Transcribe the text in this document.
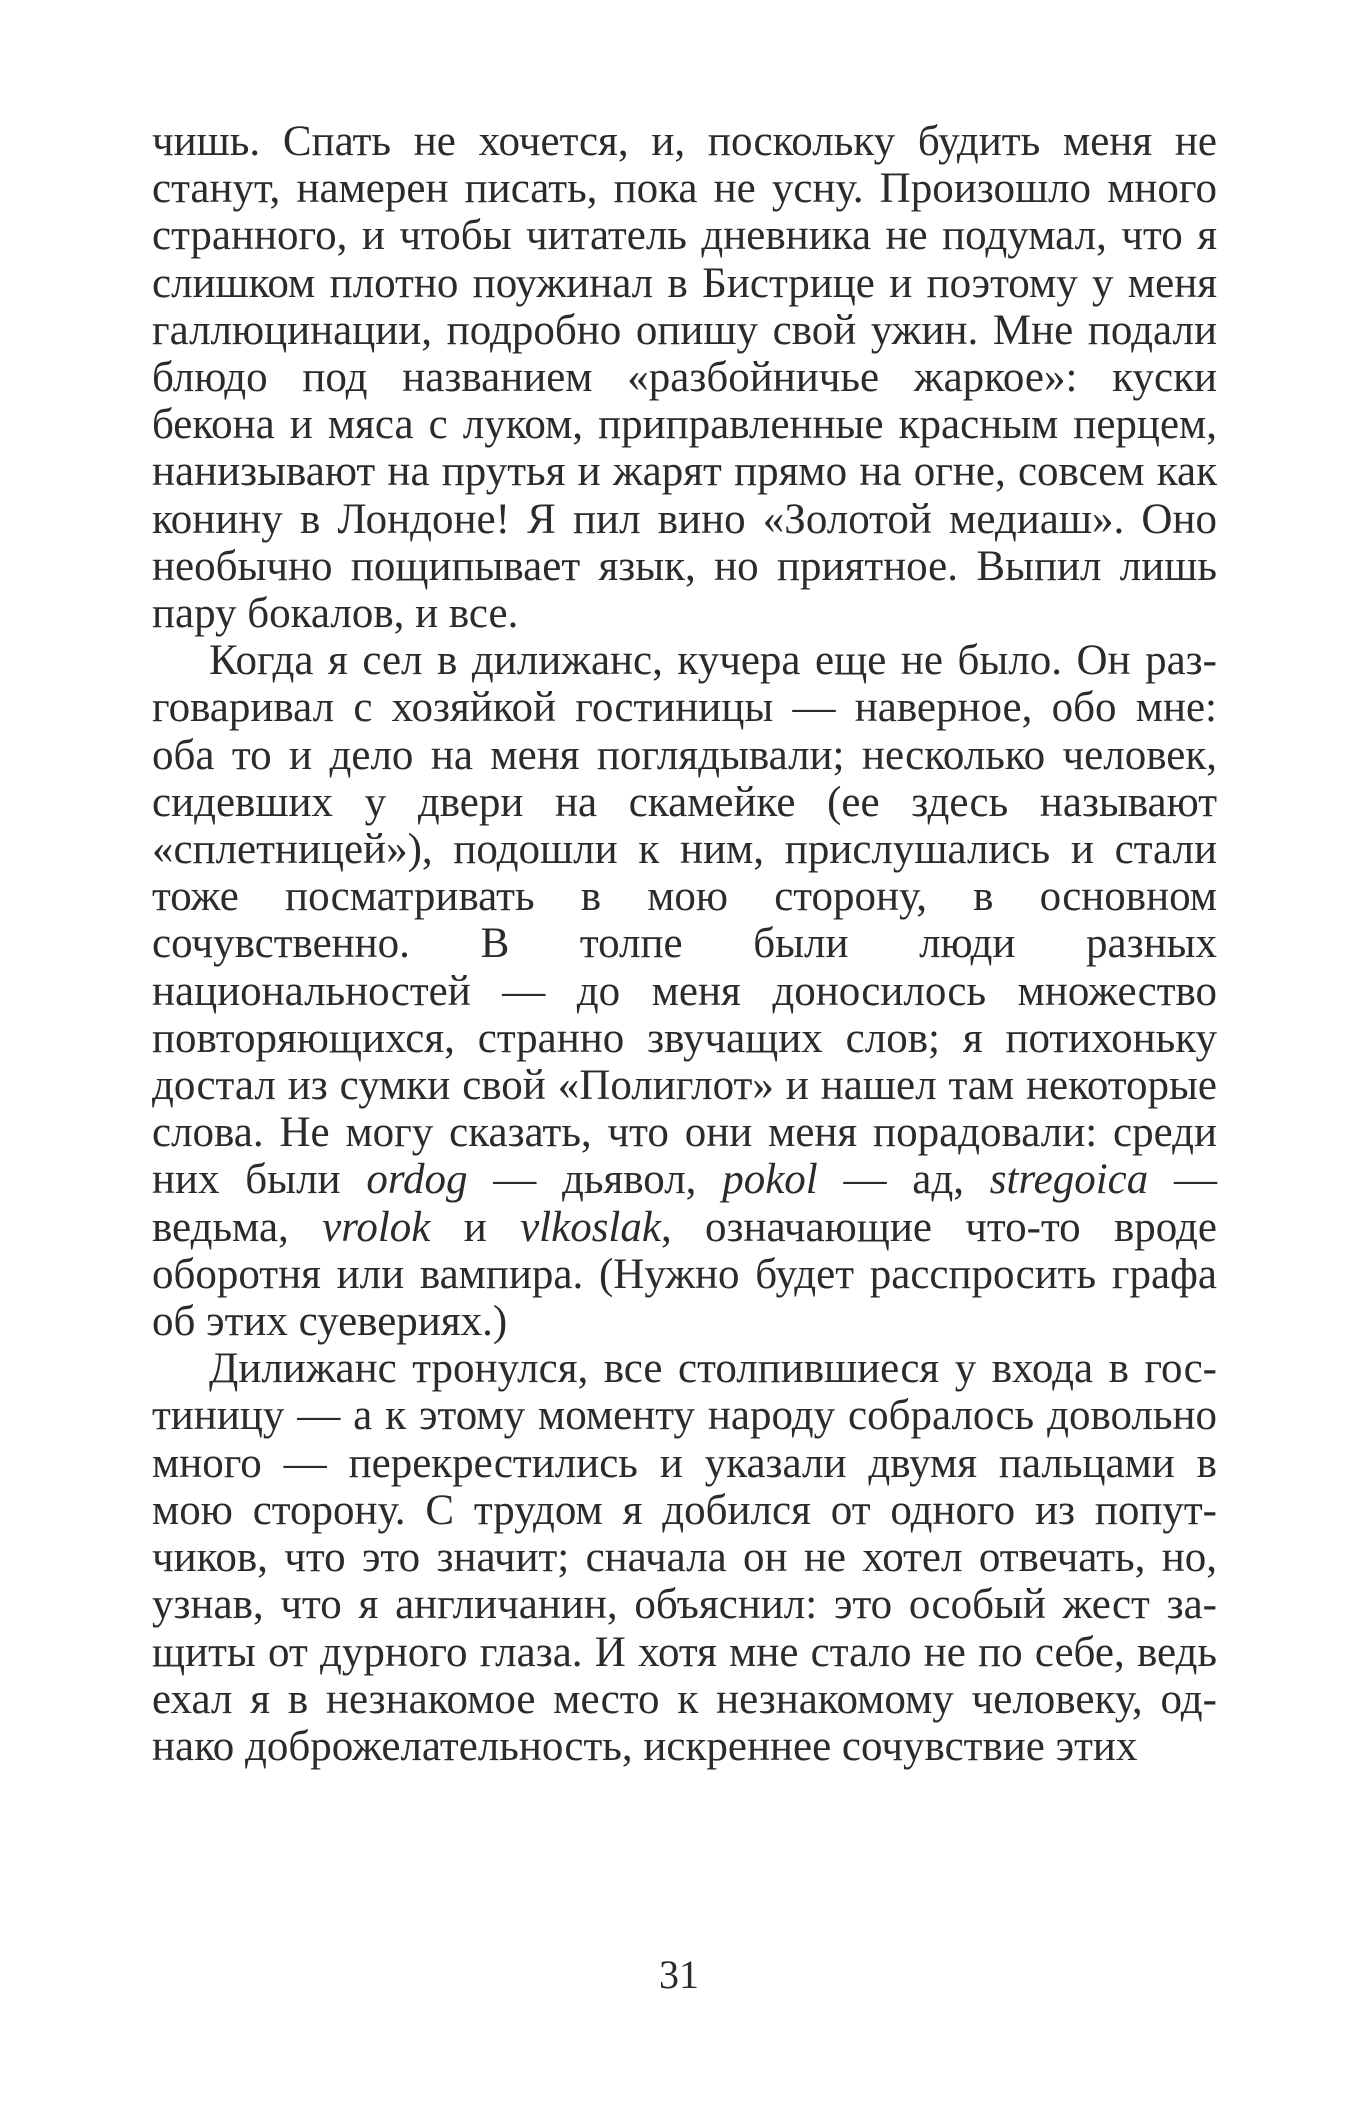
чишь. Спать не хочется, и, поскольку будить меня не станут, намерен писать, пока не усну. Произошло много странного, и чтобы читатель дневника не подумал, что я слишком плотно поужинал в Бистрице и поэтому у меня галлюцинации, подробно опишу свой ужин. Мне подали блюдо под названием «разбойничье жаркое»: куски бекона и мяса с луком, приправленные красным перцем, нанизывают на прутья и жарят прямо на огне, совсем как конину в Лондоне! Я пил вино «Золотой медиаш». Оно необычно пощипывает язык, но приятное. Выпил лишь пару бокалов, и все.

Когда я сел в дилижанс, кучера еще не было. Он разговаривал с хозяйкой гостиницы — наверное, обо мне: оба то и дело на меня поглядывали; несколько человек, сидевших у двери на скамейке (ее здесь называют «сплетницей»), подошли к ним, прислушались и стали тоже посматривать в мою сторону, в основном сочувственно. В толпе были люди разных национальностей — до меня доносилось множество повторяющихся, странно звучащих слов; я потихоньку достал из сумки свой «Полиглот» и нашел там некоторые слова. Не могу сказать, что они меня порадовали: среди них были ordog — дьявол, pokol — ад, stregoica — ведьма, vrolok и vlkoslak, означающие что-то вроде оборотня или вампира. (Нужно будет расспросить графа об этих суевериях.)

Дилижанс тронулся, все столпившиеся у входа в гостиницу — а к этому моменту народу собралось довольно много — перекрестились и указали двумя пальцами в мою сторону. С трудом я добился от одного из попутчиков, что это значит; сначала он не хотел отвечать, но, узнав, что я англичанин, объяснил: это особый жест защиты от дурного глаза. И хотя мне стало не по себе, ведь ехал я в незнакомое место к незнакомому человеку, однако доброжелательность, искреннее сочувствие этих

31
